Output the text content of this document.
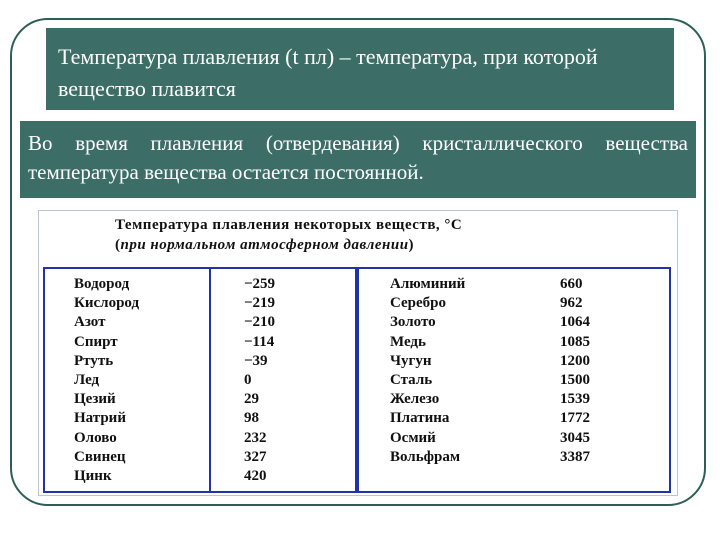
Температура плавления (t пл) – температура, при которой вещество плавится
Во время плавления (отвердевания) кристаллического вещества температура вещества остается постоянной.
Температура плавления некоторых веществ, °С
(при нормальном атмосферном давлении)
Водород
Кислород
Азот
Спирт
Ртуть
Лед
Цезий
Натрий
Олово
Свинец
Цинк
−259
−219
−210
−114
−39
0
29
98
232
327
420
Алюминий
Серебро
Золото
Медь
Чугун
Сталь
Железо
Платина
Осмий
Вольфрам
660
962
1064
1085
1200
1500
1539
1772
3045
3387
